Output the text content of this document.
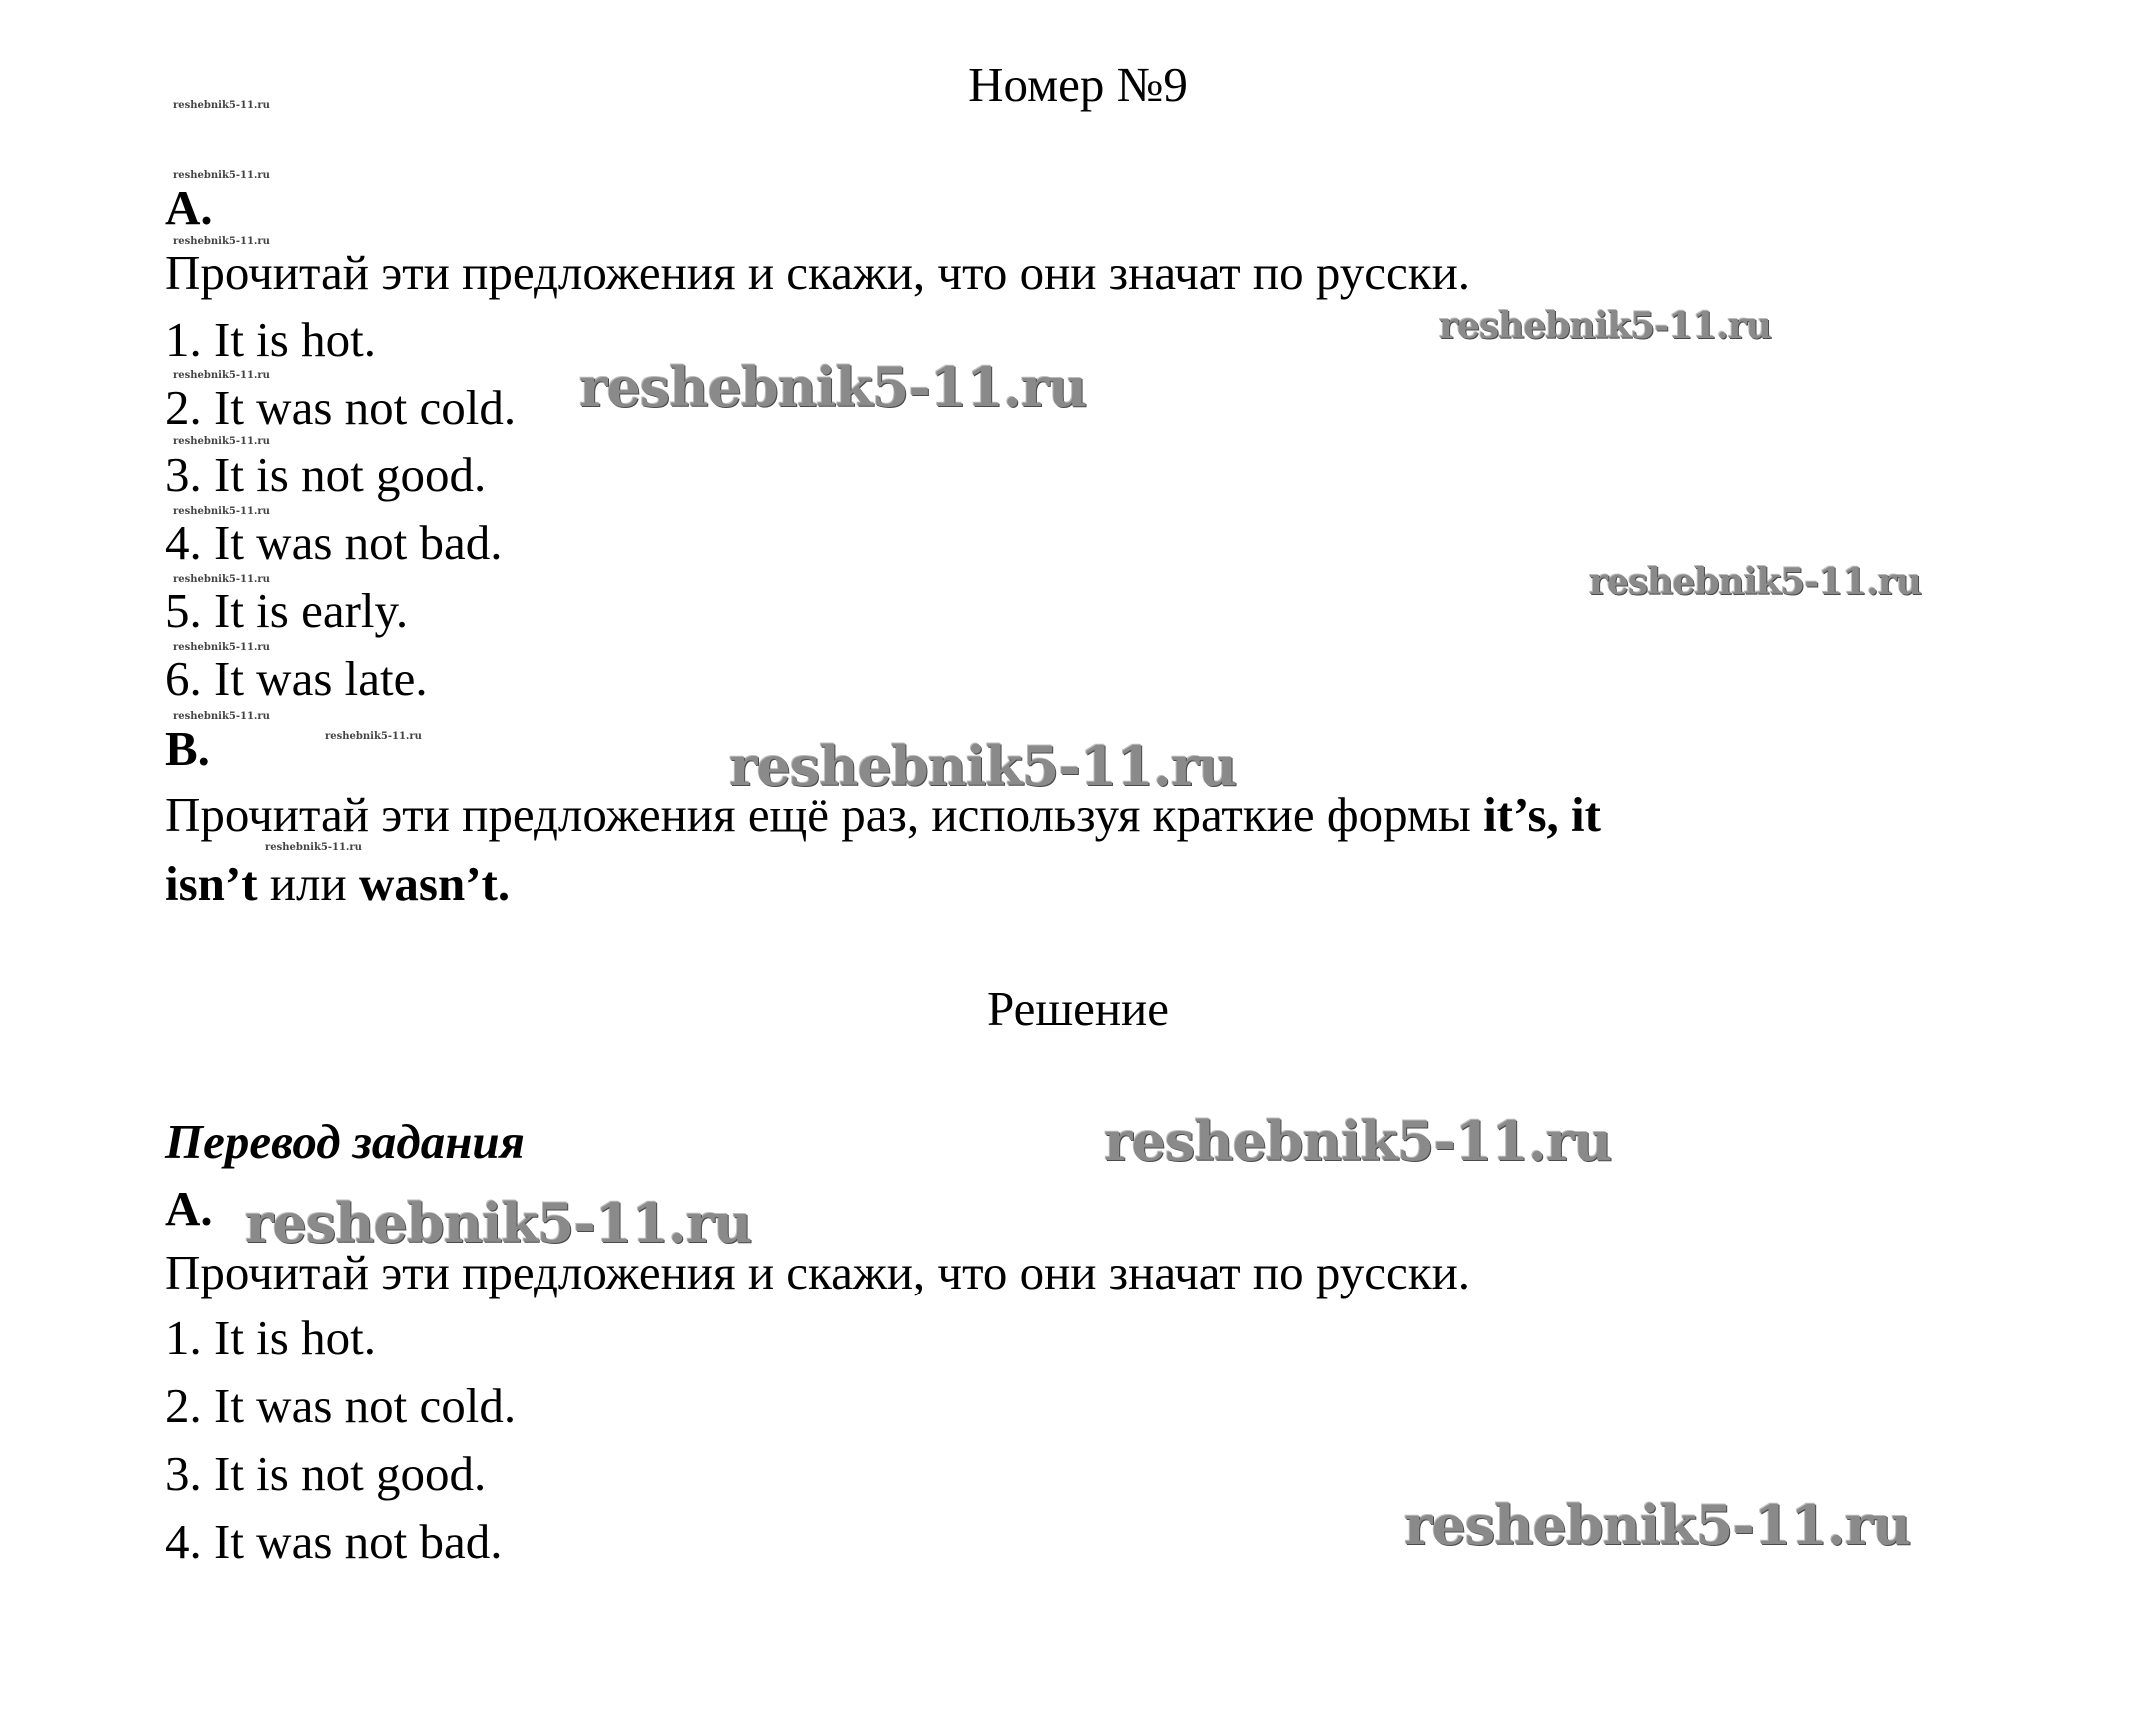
Номер №9
A.
Прочитай эти предложения и скажи, что они значат по русски.
1. It is hot.
2. It was not cold.
3. It is not good.
4. It was not bad.
5. It is early.
6. It was late.
B.
Прочитай эти предложения ещё раз, используя краткие формы it’s, it
isn’t или wasn’t.
Решение
Перевод задания
A.
Прочитай эти предложения и скажи, что они значат по русски.
1. It is hot.
2. It was not cold.
3. It is not good.
4. It was not bad.
reshebnik5-11.ru
reshebnik5-11.ru
reshebnik5-11.ru
reshebnik5-11.ru
reshebnik5-11.ru
reshebnik5-11.ru
reshebnik5-11.ru
reshebnik5-11.ru
reshebnik5-11.ru
reshebnik5-11.ru
reshebnik5-11.ru
reshebnik5-11.ru
reshebnik5-11.ru
reshebnik5-11.ru
reshebnik5-11.ru
reshebnik5-11.ru
reshebnik5-11.ru
reshebnik5-11.ru
